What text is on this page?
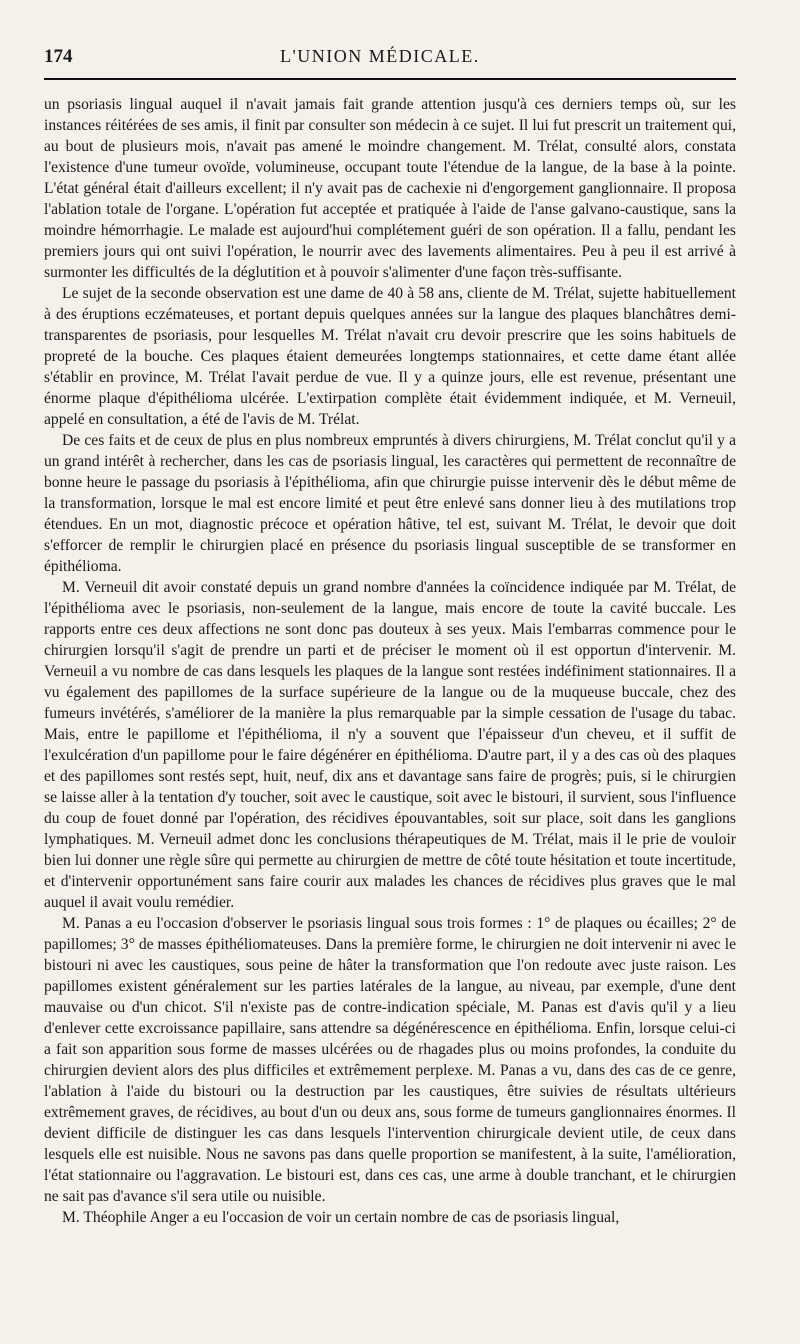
174	L'UNION MÉDICALE.

un psoriasis lingual auquel il n'avait jamais fait grande attention jusqu'à ces derniers temps où, sur les instances réitérées de ses amis, il finit par consulter son médecin à ce sujet. Il lui fut prescrit un traitement qui, au bout de plusieurs mois, n'avait pas amené le moindre changement. M. Trélat, consulté alors, constata l'existence d'une tumeur ovoïde, volumineuse, occupant toute l'étendue de la langue, de la base à la pointe. L'état général était d'ailleurs excellent; il n'y avait pas de cachexie ni d'engorgement ganglionnaire. Il proposa l'ablation totale de l'organe. L'opération fut acceptée et pratiquée à l'aide de l'anse galvano-caustique, sans la moindre hémorrhagie. Le malade est aujourd'hui complétement guéri de son opération. Il a fallu, pendant les premiers jours qui ont suivi l'opération, le nourrir avec des lavements alimentaires. Peu à peu il est arrivé à surmonter les difficultés de la déglutition et à pouvoir s'alimenter d'une façon très-suffisante.

Le sujet de la seconde observation est une dame de 40 à 58 ans, cliente de M. Trélat, sujette habituellement à des éruptions eczémateuses, et portant depuis quelques années sur la langue des plaques blanchâtres demi-transparentes de psoriasis, pour lesquelles M. Trélat n'avait cru devoir prescrire que les soins habituels de propreté de la bouche. Ces plaques étaient demeurées longtemps stationnaires, et cette dame étant allée s'établir en province, M. Trélat l'avait perdue de vue. Il y a quinze jours, elle est revenue, présentant une énorme plaque d'épithélioma ulcérée. L'extirpation complète était évidemment indiquée, et M. Verneuil, appelé en consultation, a été de l'avis de M. Trélat.

De ces faits et de ceux de plus en plus nombreux empruntés à divers chirurgiens, M. Trélat conclut qu'il y a un grand intérêt à rechercher, dans les cas de psoriasis lingual, les caractères qui permettent de reconnaître de bonne heure le passage du psoriasis à l'épithélioma, afin que chirurgie puisse intervenir dès le début même de la transformation, lorsque le mal est encore limité et peut être enlevé sans donner lieu à des mutilations trop étendues. En un mot, diagnostic précoce et opération hâtive, tel est, suivant M. Trélat, le devoir que doit s'efforcer de remplir le chirurgien placé en présence du psoriasis lingual susceptible de se transformer en épithélioma.

M. Verneuil dit avoir constaté depuis un grand nombre d'années la coïncidence indiquée par M. Trélat, de l'épithélioma avec le psoriasis, non-seulement de la langue, mais encore de toute la cavité buccale. Les rapports entre ces deux affections ne sont donc pas douteux à ses yeux. Mais l'embarras commence pour le chirurgien lorsqu'il s'agit de prendre un parti et de préciser le moment où il est opportun d'intervenir. M. Verneuil a vu nombre de cas dans lesquels les plaques de la langue sont restées indéfiniment stationnaires. Il a vu également des papillomes de la surface supérieure de la langue ou de la muqueuse buccale, chez des fumeurs invétérés, s'améliorer de la manière la plus remarquable par la simple cessation de l'usage du tabac. Mais, entre le papillome et l'épithélioma, il n'y a souvent que l'épaisseur d'un cheveu, et il suffit de l'exulcération d'un papillome pour le faire dégénérer en épithélioma. D'autre part, il y a des cas où des plaques et des papillomes sont restés sept, huit, neuf, dix ans et davantage sans faire de progrès; puis, si le chirurgien se laisse aller à la tentation d'y toucher, soit avec le caustique, soit avec le bistouri, il survient, sous l'influence du coup de fouet donné par l'opération, des récidives épouvantables, soit sur place, soit dans les ganglions lymphatiques. M. Verneuil admet donc les conclusions thérapeutiques de M. Trélat, mais il le prie de vouloir bien lui donner une règle sûre qui permette au chirurgien de mettre de côté toute hésitation et toute incertitude, et d'intervenir opportunément sans faire courir aux malades les chances de récidives plus graves que le mal auquel il avait voulu remédier.

M. Panas a eu l'occasion d'observer le psoriasis lingual sous trois formes : 1° de plaques ou écailles; 2° de papillomes; 3° de masses épithéliomateuses. Dans la première forme, le chirurgien ne doit intervenir ni avec le bistouri ni avec les caustiques, sous peine de hâter la transformation que l'on redoute avec juste raison. Les papillomes existent généralement sur les parties latérales de la langue, au niveau, par exemple, d'une dent mauvaise ou d'un chicot. S'il n'existe pas de contre-indication spéciale, M. Panas est d'avis qu'il y a lieu d'enlever cette excroissance papillaire, sans attendre sa dégénérescence en épithélioma. Enfin, lorsque celui-ci a fait son apparition sous forme de masses ulcérées ou de rhagades plus ou moins profondes, la conduite du chirurgien devient alors des plus difficiles et extrêmement perplexe. M. Panas a vu, dans des cas de ce genre, l'ablation à l'aide du bistouri ou la destruction par les caustiques, être suivies de résultats ultérieurs extrêmement graves, de récidives, au bout d'un ou deux ans, sous forme de tumeurs ganglionnaires énormes. Il devient difficile de distinguer les cas dans lesquels l'intervention chirurgicale devient utile, de ceux dans lesquels elle est nuisible. Nous ne savons pas dans quelle proportion se manifestent, à la suite, l'amélioration, l'état stationnaire ou l'aggravation. Le bistouri est, dans ces cas, une arme à double tranchant, et le chirurgien ne sait pas d'avance s'il sera utile ou nuisible.

M. Théophile Anger a eu l'occasion de voir un certain nombre de cas de psoriasis lingual,
